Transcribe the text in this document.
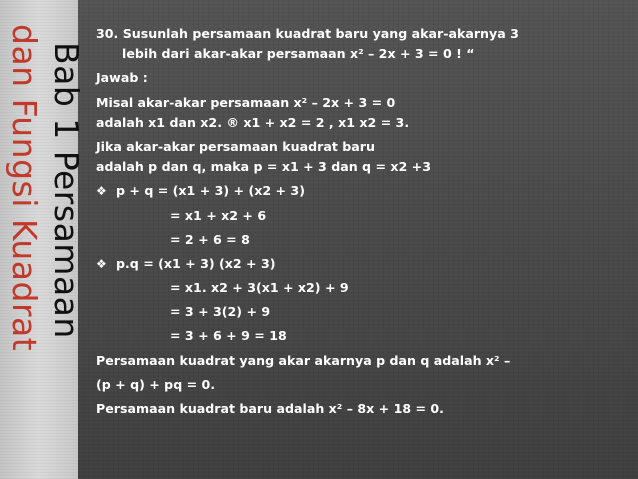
Bab 1 Persamaan
dan Fungsi Kuadrat	30. Susunlah persamaan kuadrat baru yang akar-akarnya 3
lebih dari akar-akar persamaan x² – 2x + 3 = 0 ! “
Jawab :
Misal akar-akar persamaan x² – 2x + 3 = 0
adalah x1 dan x2. ® x1 + x2 = 2 , x1 x2 = 3.
Jika akar-akar persamaan kuadrat baru
adalah p dan q, maka p = x1 + 3 dan q = x2 +3
❖ p + q = (x1 + 3) + (x2 + 3)
= x1 + x2 + 6
= 2 + 6 = 8
❖ p.q = (x1 + 3) (x2 + 3)
= x1. x2 + 3(x1 + x2) + 9
= 3 + 3(2) + 9
= 3 + 6 + 9 = 18
Persamaan kuadrat yang akar akarnya p dan q adalah x² –
(p + q) + pq = 0.
Persamaan kuadrat baru adalah x² – 8x + 18 = 0.
